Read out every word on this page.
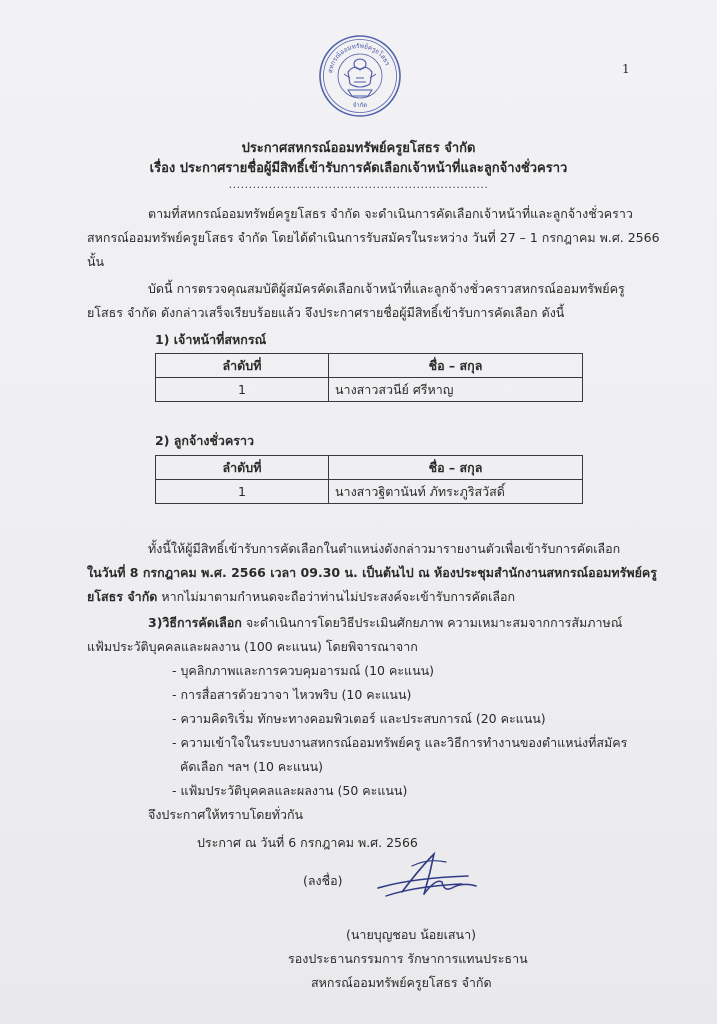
สหกรณ์ออมทรัพย์ครูยโสธร
จำกัด
1
ประกาศสหกรณ์ออมทรัพย์ครูยโสธร จำกัด
เรื่อง ประกาศรายชื่อผู้มีสิทธิ์เข้ารับการคัดเลือกเจ้าหน้าที่และลูกจ้างชั่วคราว
.................................................................
ตามที่สหกรณ์ออมทรัพย์ครูยโสธร จำกัด จะดำเนินการคัดเลือกเจ้าหน้าที่และลูกจ้างชั่วคราว
สหกรณ์ออมทรัพย์ครูยโสธร จำกัด โดยได้ดำเนินการรับสมัครในระหว่าง วันที่ 27 – 1 กรกฎาคม พ.ศ. 2566
นั้น
บัดนี้ การตรวจคุณสมบัติผู้สมัครคัดเลือกเจ้าหน้าที่และลูกจ้างชั่วคราวสหกรณ์ออมทรัพย์ครู
ยโสธร จำกัด ดังกล่าวเสร็จเรียบร้อยแล้ว จึงประกาศรายชื่อผู้มีสิทธิ์เข้ารับการคัดเลือก ดังนี้
1) เจ้าหน้าที่สหกรณ์
ลำดับที่	ชื่อ – สกุล
1	นางสาวสวนีย์ ศรีหาญ
2) ลูกจ้างชั่วคราว
ลำดับที่	ชื่อ – สกุล
1	นางสาวฐิตานันท์ ภัทระภูริสวัสดิ์
ทั้งนี้ให้ผู้มีสิทธิ์เข้ารับการคัดเลือกในตำแหน่งดังกล่าวมารายงานตัวเพื่อเข้ารับการคัดเลือก
ในวันที่ 8 กรกฎาคม พ.ศ. 2566 เวลา 09.30 น. เป็นต้นไป ณ ห้องประชุมสำนักงานสหกรณ์ออมทรัพย์ครู
ยโสธร จำกัด หากไม่มาตามกำหนดจะถือว่าท่านไม่ประสงค์จะเข้ารับการคัดเลือก
3)วิธีการคัดเลือก จะดำเนินการโดยวิธีประเมินศักยภาพ ความเหมาะสมจากการสัมภาษณ์
แฟ้มประวัติบุคคลและผลงาน (100 คะแนน) โดยพิจารณาจาก
- บุคลิกภาพและการควบคุมอารมณ์ (10 คะแนน)
- การสื่อสารด้วยวาจา ไหวพริบ (10 คะแนน)
- ความคิดริเริ่ม ทักษะทางคอมพิวเตอร์ และประสบการณ์ (20 คะแนน)
- ความเข้าใจในระบบงานสหกรณ์ออมทรัพย์ครู และวิธีการทำงานของตำแหน่งที่สมัคร
คัดเลือก ฯลฯ (10 คะแนน)
- แฟ้มประวัติบุคคลและผลงาน (50 คะแนน)
จึงประกาศให้ทราบโดยทั่วกัน
ประกาศ ณ วันที่ 6 กรกฎาคม พ.ศ. 2566
(ลงชื่อ)
(นายบุญชอบ น้อยเสนา)
รองประธานกรรมการ รักษาการแทนประธาน
สหกรณ์ออมทรัพย์ครูยโสธร จำกัด
